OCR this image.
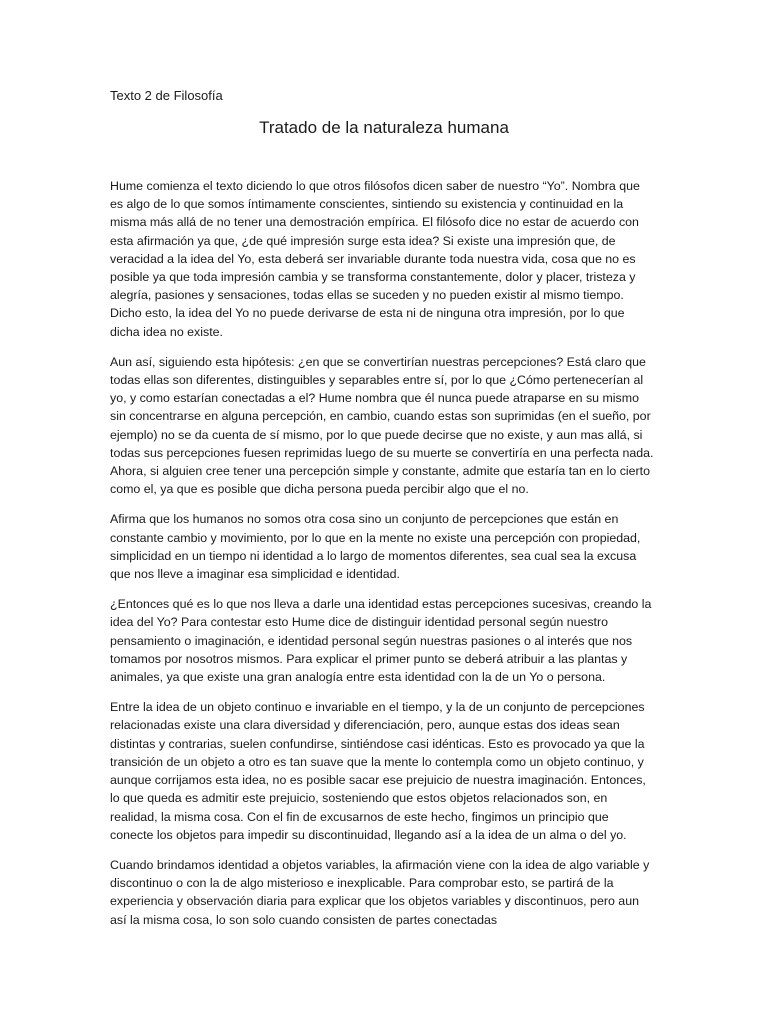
Texto 2 de Filosofía

Tratado de la naturaleza humana

Hume comienza el texto diciendo lo que otros filósofos dicen saber de nuestro “Yo”. Nombra que es algo de lo que somos íntimamente conscientes, sintiendo su existencia y continuidad en la misma más allá de no tener una demostración empírica. El filósofo dice no estar de acuerdo con esta afirmación ya que, ¿de qué impresión surge esta idea? Si existe una impresión que, de veracidad a la idea del Yo, esta deberá ser invariable durante toda nuestra vida, cosa que no es posible ya que toda impresión cambia y se transforma constantemente, dolor y placer, tristeza y alegría, pasiones y sensaciones, todas ellas se suceden y no pueden existir al mismo tiempo. Dicho esto, la idea del Yo no puede derivarse de esta ni de ninguna otra impresión, por lo que dicha idea no existe.

Aun así, siguiendo esta hipótesis: ¿en que se convertirían nuestras percepciones? Está claro que todas ellas son diferentes, distinguibles y separables entre sí, por lo que ¿Cómo pertenecerían al yo, y como estarían conectadas a el? Hume nombra que él nunca puede atraparse en su mismo sin concentrarse en alguna percepción, en cambio, cuando estas son suprimidas (en el sueño, por ejemplo) no se da cuenta de sí mismo, por lo que puede decirse que no existe, y aun mas allá, si todas sus percepciones fuesen reprimidas luego de su muerte se convertiría en una perfecta nada. Ahora, si alguien cree tener una percepción simple y constante, admite que estaría tan en lo cierto como el, ya que es posible que dicha persona pueda percibir algo que el no.

Afirma que los humanos no somos otra cosa sino un conjunto de percepciones que están en constante cambio y movimiento, por lo que en la mente no existe una percepción con propiedad, simplicidad en un tiempo ni identidad a lo largo de momentos diferentes, sea cual sea la excusa que nos lleve a imaginar esa simplicidad e identidad.

¿Entonces qué es lo que nos lleva a darle una identidad estas percepciones sucesivas, creando la idea del Yo? Para contestar esto Hume dice de distinguir identidad personal según nuestro pensamiento o imaginación, e identidad personal según nuestras pasiones o al interés que nos tomamos por nosotros mismos. Para explicar el primer punto se deberá atribuir a las plantas y animales, ya que existe una gran analogía entre esta identidad con la de un Yo o persona.

Entre la idea de un objeto continuo e invariable en el tiempo, y la de un conjunto de percepciones relacionadas existe una clara diversidad y diferenciación, pero, aunque estas dos ideas sean distintas y contrarias, suelen confundirse, sintiéndose casi idénticas. Esto es provocado ya que la transición de un objeto a otro es tan suave que la mente lo contempla como un objeto continuo, y aunque corrijamos esta idea, no es posible sacar ese prejuicio de nuestra imaginación. Entonces, lo que queda es admitir este prejuicio, sosteniendo que estos objetos relacionados son, en realidad, la misma cosa. Con el fin de excusarnos de este hecho, fingimos un principio que conecte los objetos para impedir su discontinuidad, llegando así a la idea de un alma o del yo.

Cuando brindamos identidad a objetos variables, la afirmación viene con la idea de algo variable y discontinuo o con la de algo misterioso e inexplicable. Para comprobar esto, se partirá de la experiencia y observación diaria para explicar que los objetos variables y discontinuos, pero aun así la misma cosa, lo son solo cuando consisten de partes conectadas
